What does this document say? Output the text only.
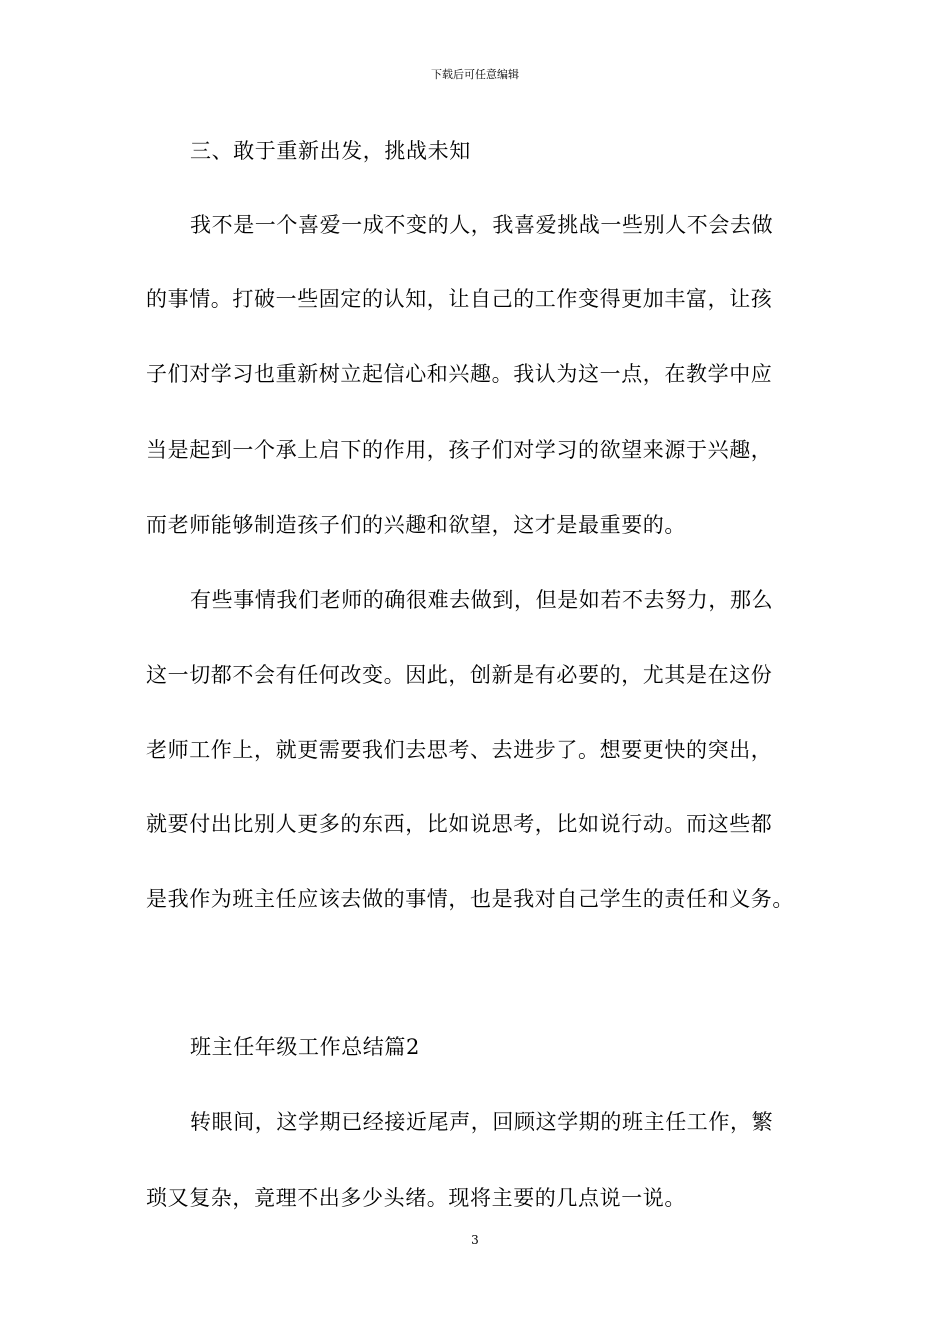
下载后可任意编辑
三、敢于重新出发，挑战未知
我不是一个喜爱一成不变的人，我喜爱挑战一些别人不会去做
的事情。打破一些固定的认知，让自己的工作变得更加丰富，让孩
子们对学习也重新树立起信心和兴趣。我认为这一点，在教学中应
当是起到一个承上启下的作用，孩子们对学习的欲望来源于兴趣，
而老师能够制造孩子们的兴趣和欲望，这才是最重要的。
有些事情我们老师的确很难去做到，但是如若不去努力，那么
这一切都不会有任何改变。因此，创新是有必要的，尤其是在这份
老师工作上，就更需要我们去思考、去进步了。想要更快的突出，
就要付出比别人更多的东西，比如说思考，比如说行动。而这些都
是我作为班主任应该去做的事情，也是我对自己学生的责任和义务。
班主任年级工作总结篇2
转眼间，这学期已经接近尾声，回顾这学期的班主任工作，繁
琐又复杂，竟理不出多少头绪。现将主要的几点说一说。
3
